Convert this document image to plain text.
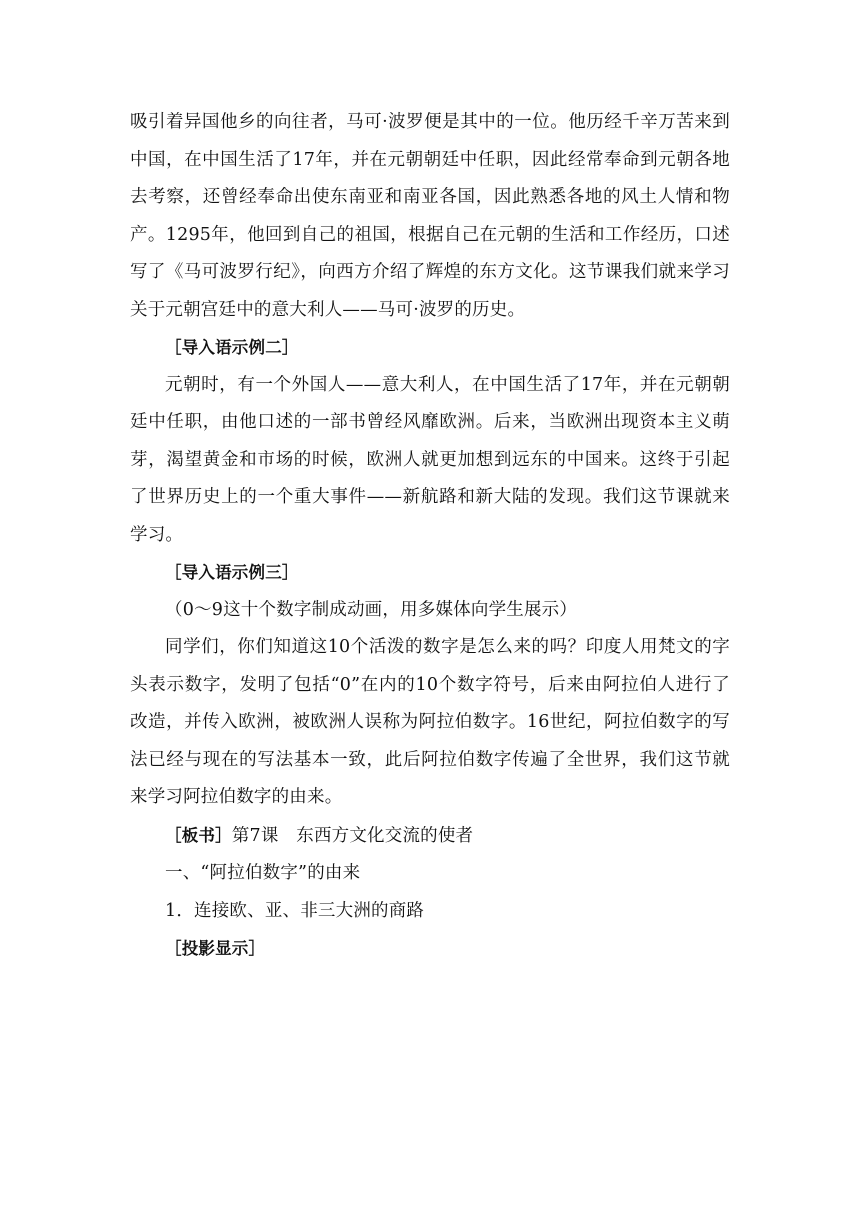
吸引着异国他乡的向往者，马可·波罗便是其中的一位。他历经千辛万苦来到中国，在中国生活了17年，并在元朝朝廷中任职，因此经常奉命到元朝各地去考察，还曾经奉命出使东南亚和南亚各国，因此熟悉各地的风土人情和物产。1295年，他回到自己的祖国，根据自己在元朝的生活和工作经历，口述写了《马可波罗行纪》，向西方介绍了辉煌的东方文化。这节课我们就来学习关于元朝宫廷中的意大利人——马可·波罗的历史。

［导入语示例二］

元朝时，有一个外国人——意大利人，在中国生活了17年，并在元朝朝廷中任职，由他口述的一部书曾经风靡欧洲。后来，当欧洲出现资本主义萌芽，渴望黄金和市场的时候，欧洲人就更加想到远东的中国来。这终于引起了世界历史上的一个重大事件——新航路和新大陆的发现。我们这节课就来学习。

［导入语示例三］

（0～9这十个数字制成动画，用多媒体向学生展示）

同学们，你们知道这10个活泼的数字是怎么来的吗？印度人用梵文的字头表示数字，发明了包括“0”在内的10个数字符号，后来由阿拉伯人进行了改造，并传入欧洲，被欧洲人误称为阿拉伯数字。16世纪，阿拉伯数字的写法已经与现在的写法基本一致，此后阿拉伯数字传遍了全世界，我们这节就来学习阿拉伯数字的由来。

［板书］第7课　东西方文化交流的使者

一、“阿拉伯数字”的由来

1．连接欧、亚、非三大洲的商路

［投影显示］
